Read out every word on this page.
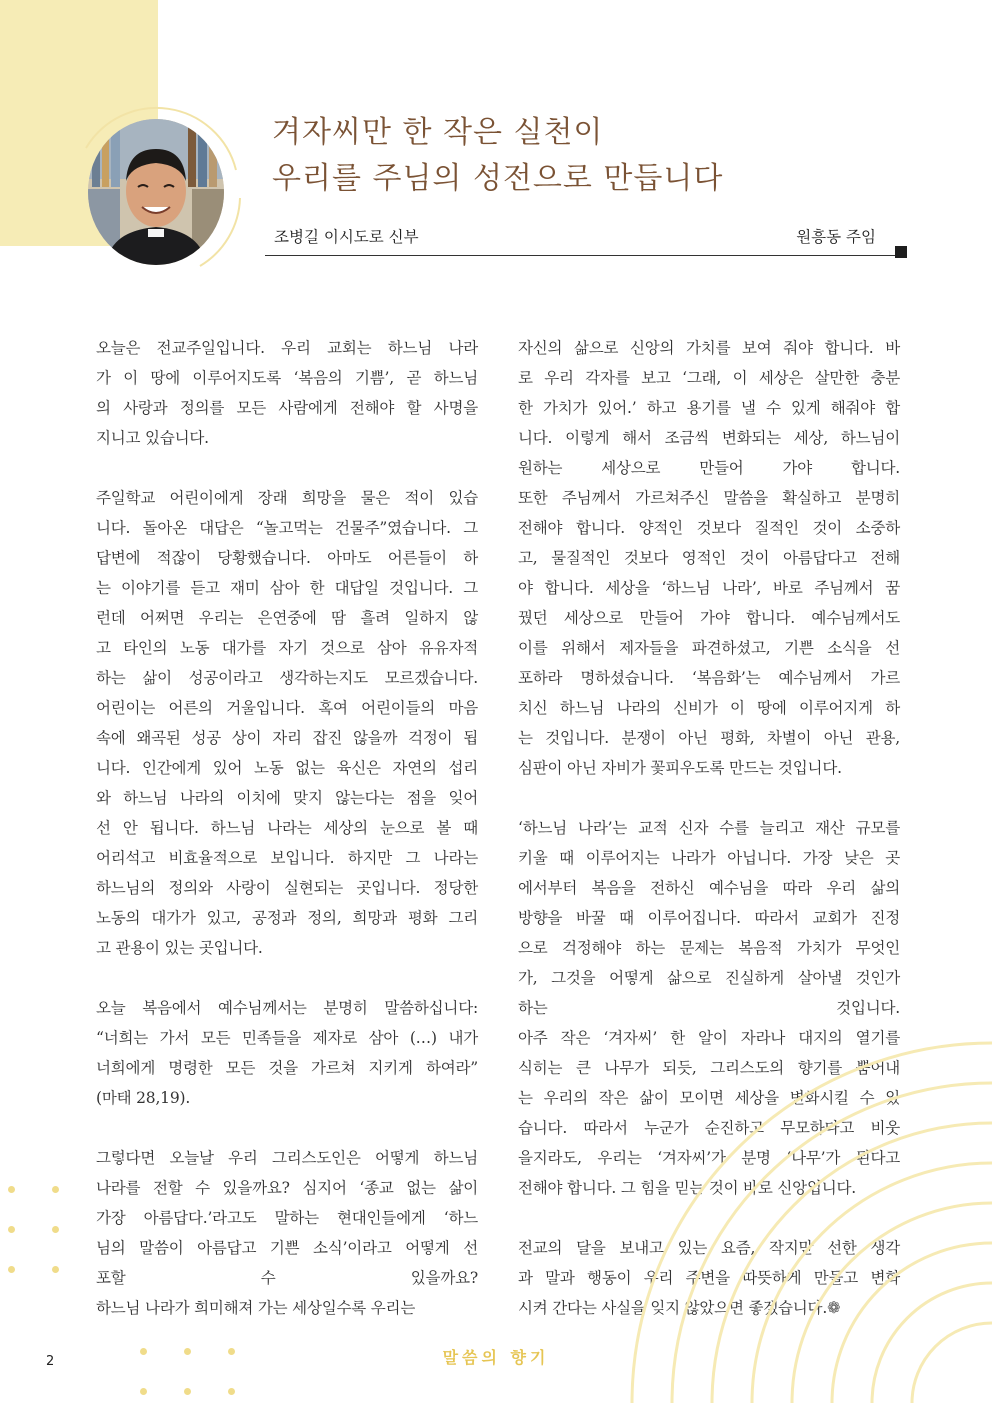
겨자씨만 한 작은 실천이
우리를 주님의 성전으로 만듭니다
조병길 이시도로 신부	원흥동 주임
오늘은 전교주일입니다. 우리 교회는 하느님 나라
가 이 땅에 이루어지도록 ‘복음의 기쁨’, 곧 하느님
의 사랑과 정의를 모든 사람에게 전해야 할 사명을
지니고 있습니다.
주일학교 어린이에게 장래 희망을 물은 적이 있습
니다. 돌아온 대답은 “놀고먹는 건물주”였습니다. 그
답변에 적잖이 당황했습니다. 아마도 어른들이 하
는 이야기를 듣고 재미 삼아 한 대답일 것입니다. 그
런데 어쩌면 우리는 은연중에 땀 흘려 일하지 않
고 타인의 노동 대가를 자기 것으로 삼아 유유자적
하는 삶이 성공이라고 생각하는지도 모르겠습니다.
어린이는 어른의 거울입니다. 혹여 어린이들의 마음
속에 왜곡된 성공 상이 자리 잡진 않을까 걱정이 됩
니다. 인간에게 있어 노동 없는 육신은 자연의 섭리
와 하느님 나라의 이치에 맞지 않는다는 점을 잊어
선 안 됩니다. 하느님 나라는 세상의 눈으로 볼 때
어리석고 비효율적으로 보입니다. 하지만 그 나라는
하느님의 정의와 사랑이 실현되는 곳입니다. 정당한
노동의 대가가 있고, 공정과 정의, 희망과 평화 그리
고 관용이 있는 곳입니다.
오늘 복음에서 예수님께서는 분명히 말씀하십니다:
“너희는 가서 모든 민족들을 제자로 삼아 (…) 내가
너희에게 명령한 모든 것을 가르쳐 지키게 하여라”
(마태 28,19).
그렇다면 오늘날 우리 그리스도인은 어떻게 하느님
나라를 전할 수 있을까요? 심지어 ‘종교 없는 삶이
가장 아름답다.’라고도 말하는 현대인들에게 ‘하느
님의 말씀이 아름답고 기쁜 소식’이라고 어떻게 선
포할 수 있을까요?
하느님 나라가 희미해져 가는 세상일수록 우리는
자신의 삶으로 신앙의 가치를 보여 줘야 합니다. 바
로 우리 각자를 보고 ‘그래, 이 세상은 살만한 충분
한 가치가 있어.’ 하고 용기를 낼 수 있게 해줘야 합
니다. 이렇게 해서 조금씩 변화되는 세상, 하느님이
원하는 세상으로 만들어 가야 합니다.
또한 주님께서 가르쳐주신 말씀을 확실하고 분명히
전해야 합니다. 양적인 것보다 질적인 것이 소중하
고, 물질적인 것보다 영적인 것이 아름답다고 전해
야 합니다. 세상을 ‘하느님 나라’, 바로 주님께서 꿈
꿨던 세상으로 만들어 가야 합니다. 예수님께서도
이를 위해서 제자들을 파견하셨고, 기쁜 소식을 선
포하라 명하셨습니다. ‘복음화’는 예수님께서 가르
치신 하느님 나라의 신비가 이 땅에 이루어지게 하
는 것입니다. 분쟁이 아닌 평화, 차별이 아닌 관용,
심판이 아닌 자비가 꽃피우도록 만드는 것입니다.
‘하느님 나라’는 교적 신자 수를 늘리고 재산 규모를
키울 때 이루어지는 나라가 아닙니다. 가장 낮은 곳
에서부터 복음을 전하신 예수님을 따라 우리 삶의
방향을 바꿀 때 이루어집니다. 따라서 교회가 진정
으로 걱정해야 하는 문제는 복음적 가치가 무엇인
가, 그것을 어떻게 삶으로 진실하게 살아낼 것인가
하는 것입니다.
아주 작은 ‘겨자씨’ 한 알이 자라나 대지의 열기를
식히는 큰 나무가 되듯, 그리스도의 향기를 뿜어내
는 우리의 작은 삶이 모이면 세상을 변화시킬 수 있
습니다. 따라서 누군가 순진하고 무모하다고 비웃
을지라도, 우리는 ‘겨자씨’가 분명 ‘나무’가 된다고
전해야 합니다. 그 힘을 믿는 것이 바로 신앙입니다.
전교의 달을 보내고 있는 요즘, 작지만 선한 생각
과 말과 행동이 우리 주변을 따뜻하게 만들고 변화
시켜 간다는 사실을 잊지 않았으면 좋겠습니다.❁
말씀의 향기
2
